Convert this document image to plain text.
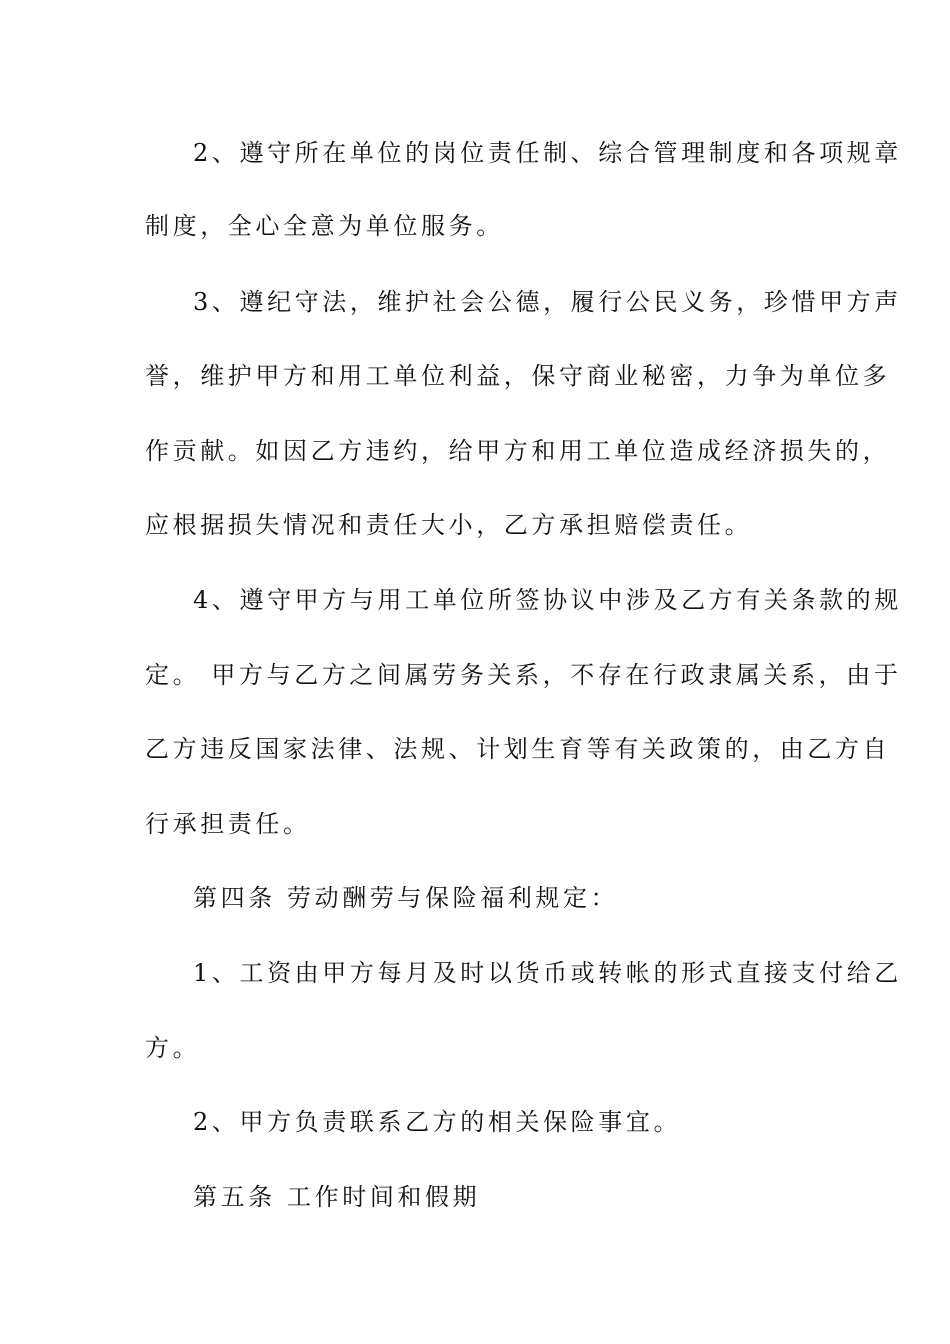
2、遵守所在单位的岗位责任制、综合管理制度和各项规章
制度，全心全意为单位服务。
3、遵纪守法，维护社会公德，履行公民义务，珍惜甲方声
誉，维护甲方和用工单位利益，保守商业秘密，力争为单位多
作贡献。如因乙方违约，给甲方和用工单位造成经济损失的，
应根据损失情况和责任大小，乙方承担赔偿责任。
4、遵守甲方与用工单位所签协议中涉及乙方有关条款的规
定。 甲方与乙方之间属劳务关系，不存在行政隶属关系，由于
乙方违反国家法律、法规、计划生育等有关政策的，由乙方自
行承担责任。
第四条 劳动酬劳与保险福利规定：
1、工资由甲方每月及时以货币或转帐的形式直接支付给乙
方。
2、甲方负责联系乙方的相关保险事宜。
第五条 工作时间和假期
